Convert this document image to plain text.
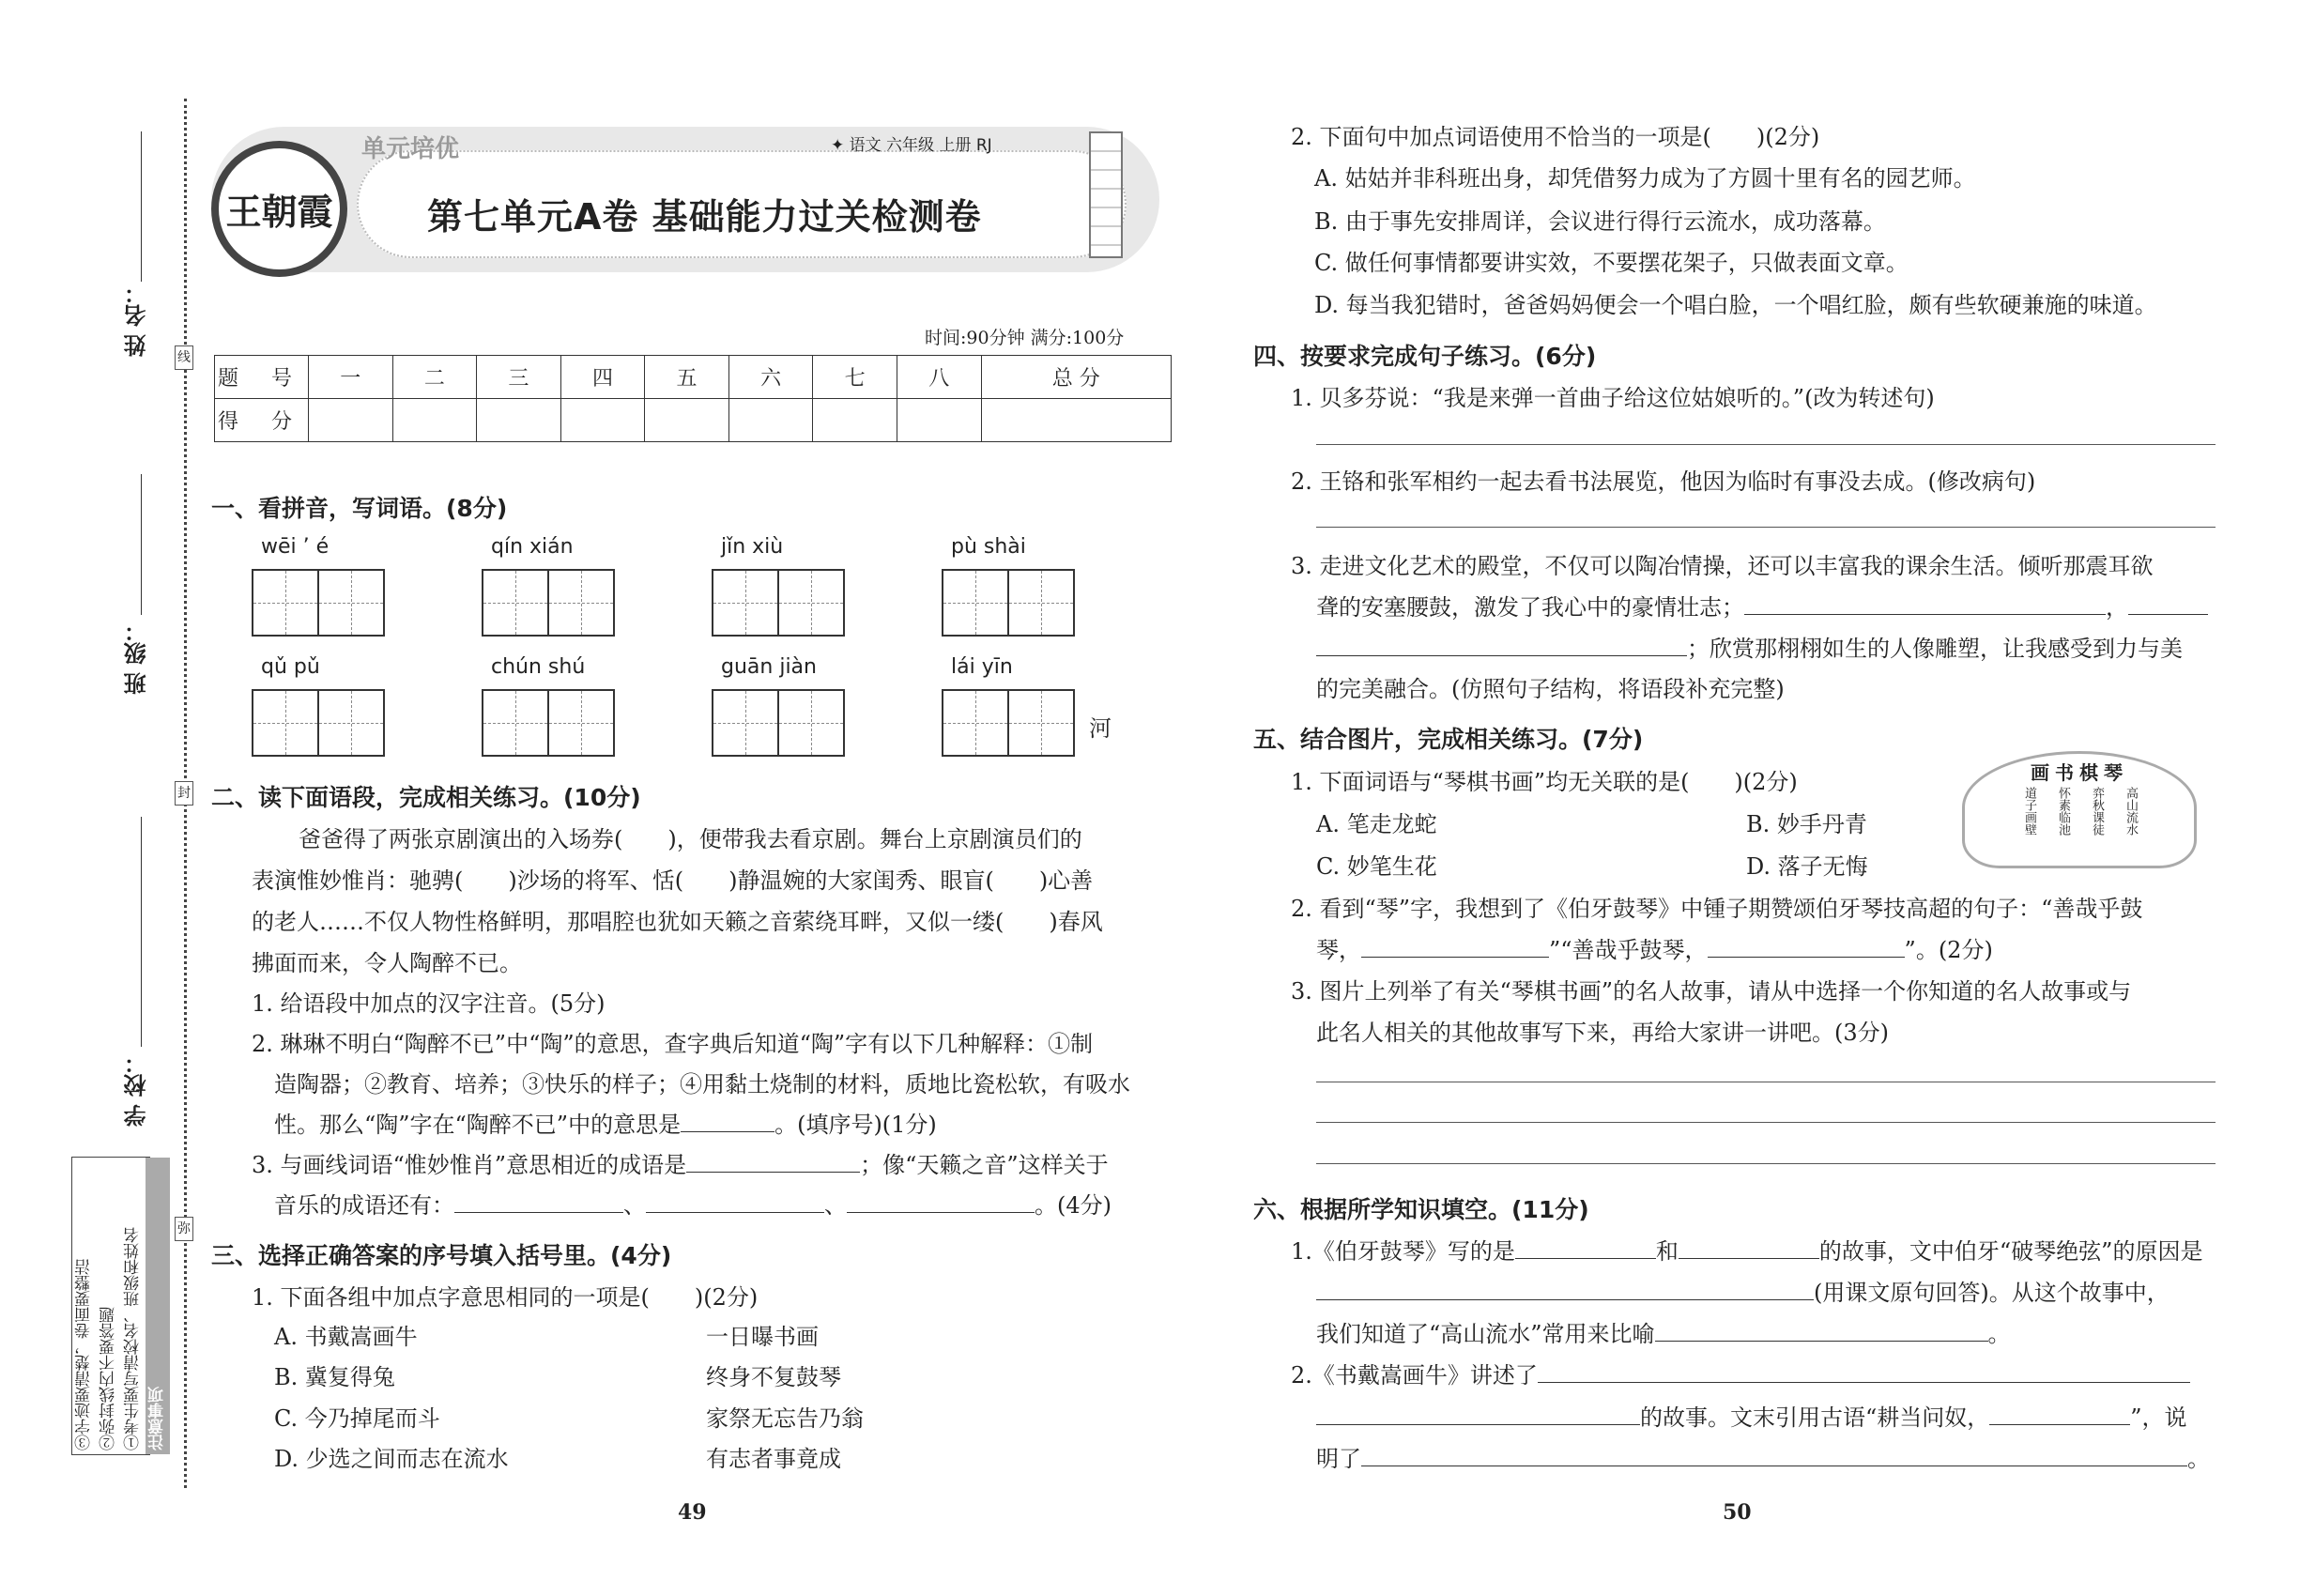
线
封
弥
姓 名：
班 级：
学 校：
注意事项
①考生要写清校名、班级和姓名
②弥封线内不要答题
③字迹要清楚，卷面要整洁
王朝霞
单元培优	✦ 语文 六年级 上册 RJ
第七单元A卷 基础能力过关检测卷
时间:90分钟 满分:100分
题 号	一	二	三	四	五	六	七	八	总 分
得 分									
一、看拼音，写词语。(8分)
wēi ’ é	qín xián	jǐn xiù	pù shài
qǔ pǔ	chún shú	guān jiàn	lái yīn
河
二、读下面语段，完成相关练习。(10分)
爸爸得了两张京剧演出的入场券(　　)，便带我去看京剧。舞台上京剧演员们的
表演惟妙惟肖：驰骋(　　)沙场的将军、恬(　　)静温婉的大家闺秀、眼盲(　　)心善
的老人……不仅人物性格鲜明，那唱腔也犹如天籁之音萦绕耳畔，又似一缕(　　)春风
拂面而来，令人陶醉不已。
1. 给语段中加点的汉字注音。(5分)
2. 琳琳不明白“陶醉不已”中“陶”的意思，查字典后知道“陶”字有以下几种解释：①制
造陶器；②教育、培养；③快乐的样子；④用黏土烧制的材料，质地比瓷松软，有吸水
性。那么“陶”字在“陶醉不已”中的意思是	。(填序号)(1分)
3. 与画线词语“惟妙惟肖”意思相近的成语是	；像“天籁之音”这样关于
音乐的成语还有：	、	、	。(4分)
三、选择正确答案的序号填入括号里。(4分)
1. 下面各组中加点字意思相同的一项是(　　)(2分)
A. 书戴嵩画牛	一日曝书画
B. 冀复得兔	终身不复鼓琴
C. 今乃掉尾而斗	家祭无忘告乃翁
D. 少选之间而志在流水	有志者事竟成
49
2. 下面句中加点词语使用不恰当的一项是(　　)(2分)
A. 姑姑并非科班出身，却凭借努力成为了方圆十里有名的园艺师。
B. 由于事先安排周详，会议进行得行云流水，成功落幕。
C. 做任何事情都要讲实效，不要摆花架子，只做表面文章。
D. 每当我犯错时，爸爸妈妈便会一个唱白脸，一个唱红脸，颇有些软硬兼施的味道。
四、按要求完成句子练习。(6分)
1. 贝多芬说：“我是来弹一首曲子给这位姑娘听的。”(改为转述句)
2. 王铬和张军相约一起去看书法展览，他因为临时有事没去成。(修改病句)
3. 走进文化艺术的殿堂，不仅可以陶冶情操，还可以丰富我的课余生活。倾听那震耳欲
聋的安塞腰鼓，激发了我心中的豪情壮志；	，
；欣赏那栩栩如生的人像雕塑，让我感受到力与美
的完美融合。(仿照句子结构，将语段补充完整)
五、结合图片，完成相关练习。(7分)
1. 下面词语与“琴棋书画”均无关联的是(　　)(2分)
A. 笔走龙蛇	B. 妙手丹青
C. 妙笔生花	D. 落子无悔
画书棋琴
道子画壁 怀素临池 弈秋课徒 高山流水
2. 看到“琴”字，我想到了《伯牙鼓琴》中锺子期赞颂伯牙琴技高超的句子：“善哉乎鼓
琴，	”“善哉乎鼓琴，	”。(2分)
3. 图片上列举了有关“琴棋书画”的名人故事，请从中选择一个你知道的名人故事或与
此名人相关的其他故事写下来，再给大家讲一讲吧。(3分)
六、根据所学知识填空。(11分)
1.《伯牙鼓琴》写的是	和	的故事，文中伯牙“破琴绝弦”的原因是
(用课文原句回答)。从这个故事中，
我们知道了“高山流水”常用来比喻	。
2.《书戴嵩画牛》讲述了
的故事。文末引用古语“耕当问奴，	”，说
明了	。
50
